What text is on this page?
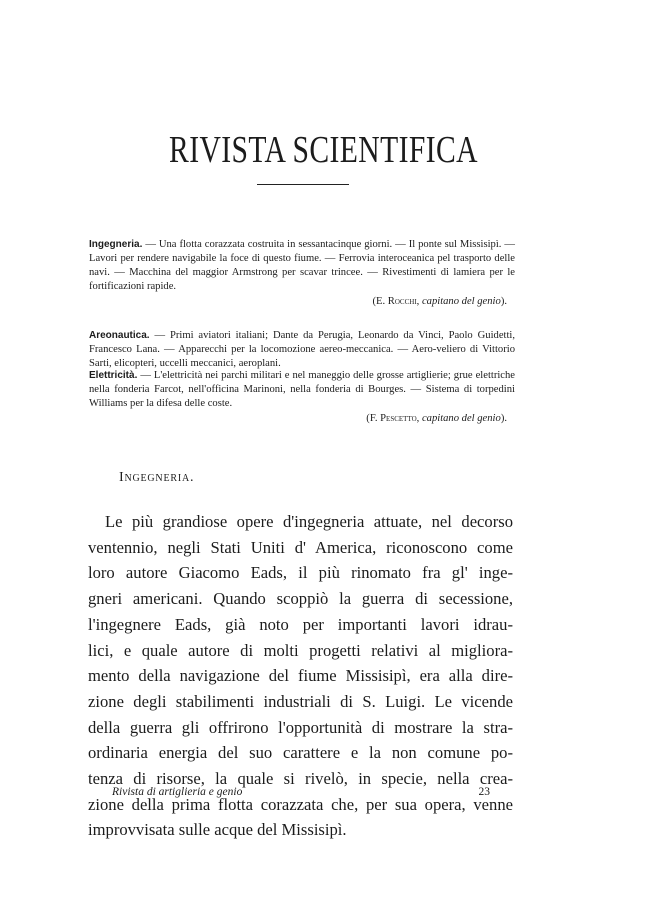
RIVISTA SCIENTIFICA

Ingegneria. — Una flotta corazzata costruita in sessantacinque giorni. — Il ponte sul Missisipì. — Lavori per rendere navigabile la foce di questo fiume. — Ferrovia interoceanica pel trasporto delle navi. — Macchina del maggior Armstrong per scavar trincee. — Rivestimenti di lamiera per le fortificazioni rapide.

(E. Rocchi, capitano del genio).

Areonautica. — Primi aviatori italiani; Dante da Perugia, Leonardo da Vinci, Paolo Guidetti, Francesco Lana. — Apparecchi per la locomozione aereo-meccanica. — Aero-veliero di Vittorio Sarti, elicopteri, uccelli meccanici, aeroplani.

Elettricità. — L'elettricità nei parchi militari e nel maneggio delle grosse artiglierie; grue elettriche nella fonderia Farcot, nell'officina Marinoni, nella fonderia di Bourges. — Sistema di torpedini Williams per la difesa delle coste.

(F. Pescetto, capitano del genio).
Ingegneria.
Le più grandiose opere d'ingegneria attuate, nel decorso
ventennio, negli Stati Uniti d' America, riconoscono come
loro autore Giacomo Eads, il più rinomato fra gl' inge-
gneri americani. Quando scoppiò la guerra di secessione,
l'ingegnere Eads, già noto per importanti lavori idrau-
lici, e quale autore di molti progetti relativi al migliora-
mento della navigazione del fiume Missisipì, era alla dire-
zione degli stabilimenti industriali di S. Luigi. Le vicende
della guerra gli offrirono l'opportunità di mostrare la stra-
ordinaria energia del suo carattere e la non comune po-
tenza di risorse, la quale si rivelò, in specie, nella crea-
zione della prima flotta corazzata che, per sua opera, venne
improvvisata sulle acque del Missisipì.
Rivista di artiglieria e genio	23
